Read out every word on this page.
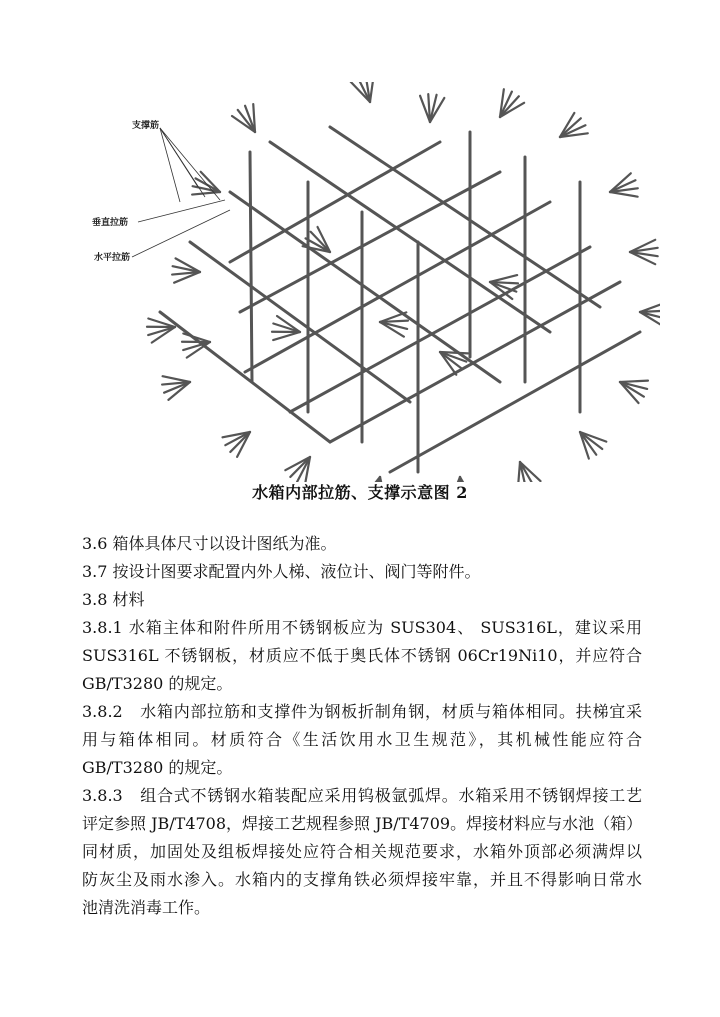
支撑筋
垂直拉筋
水平拉筋
水箱内部拉筋、支撑示意图 2
3.6 箱体具体尺寸以设计图纸为准。
3.7 按设计图要求配置内外人梯、液位计、阀门等附件。
3.8 材料
3.8.1 水箱主体和附件所用不锈钢板应为 SUS304、 SUS316L，建议采用
SUS316L 不锈钢板，材质应不低于奥氏体不锈钢 06Cr19Ni10，并应符合
GB/T3280 的规定。
3.8.2　水箱内部拉筋和支撑件为钢板折制角钢，材质与箱体相同。扶梯宜采
用与箱体相同。材质符合《生活饮用水卫生规范》，其机械性能应符合
GB/T3280 的规定。
3.8.3　组合式不锈钢水箱装配应采用钨极氩弧焊。水箱采用不锈钢焊接工艺
评定参照 JB/T4708，焊接工艺规程参照 JB/T4709。焊接材料应与水池（箱）
同材质，加固处及组板焊接处应符合相关规范要求，水箱外顶部必须满焊以
防灰尘及雨水渗入。水箱内的支撑角铁必须焊接牢靠，并且不得影响日常水
池清洗消毒工作。
